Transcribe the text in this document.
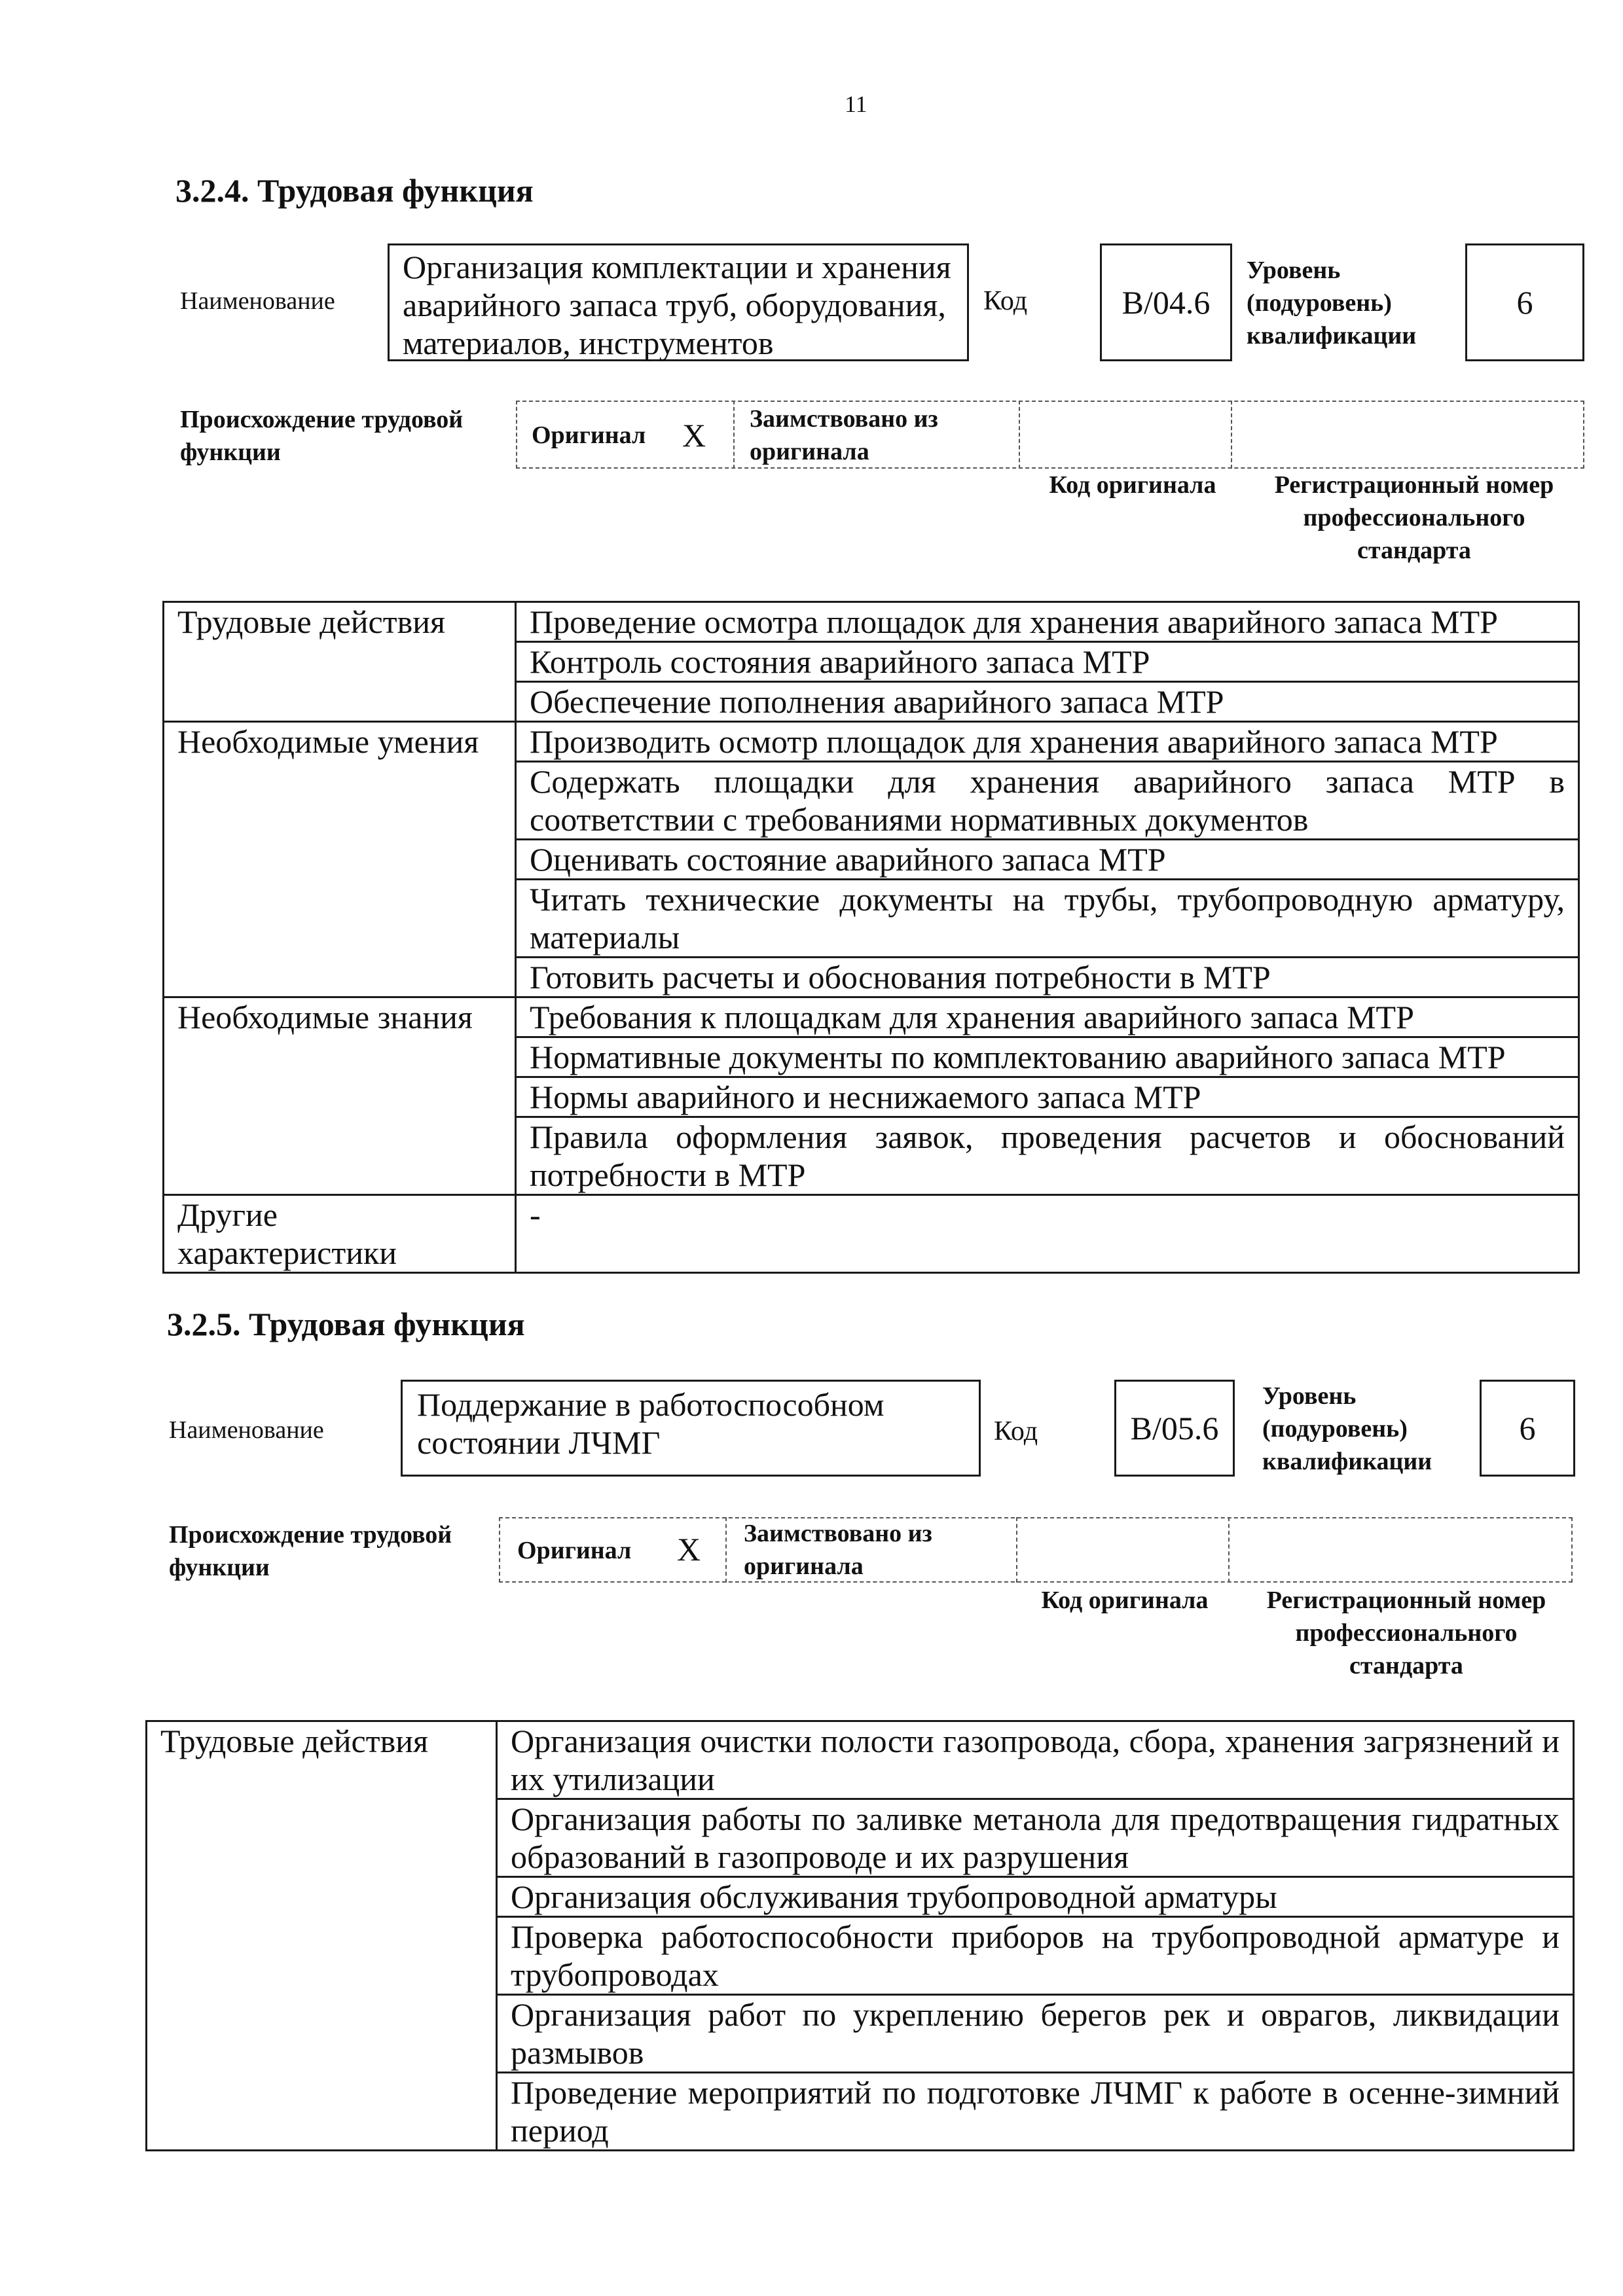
11
3.2.4. Трудовая функция
Наименование
Организация комплектации и хранения аварийного запаса труб, оборудования, материалов, инструментов
Код	B/04.6
Уровень (подуровень) квалификации
6
Происхождение трудовой функции
Оригинал X Заимствовано из оригинала
Код оригинала	Регистрационный номер профессионального стандарта
Трудовые действия	Проведение осмотра площадок для хранения аварийного запаса МТР
	Контроль состояния аварийного запаса МТР
	Обеспечение пополнения аварийного запаса МТР
Необходимые умения	Производить осмотр площадок для хранения аварийного запаса МТР
	Содержать площадки для хранения аварийного запаса МТР в соответствии с требованиями нормативных документов
	Оценивать состояние аварийного запаса МТР
	Читать технические документы на трубы, трубопроводную арматуру, материалы
	Готовить расчеты и обоснования потребности в МТР
Необходимые знания	Требования к площадкам для хранения аварийного запаса МТР
	Нормативные документы по комплектованию аварийного запаса МТР
	Нормы аварийного и неснижаемого запаса МТР
	Правила оформления заявок, проведения расчетов и обоснований потребности в МТР
Другие характеристики	-
3.2.5. Трудовая функция
Наименование
Поддержание в работоспособном состоянии ЛЧМГ	Код	B/05.6
Уровень (подуровень) квалификации
6
Происхождение трудовой функции
Оригинал X Заимствовано из оригинала
Код оригинала	Регистрационный номер профессионального стандарта
Трудовые действия	Организация очистки полости газопровода, сбора, хранения загрязнений и их утилизации
Организация работы по заливке метанола для предотвращения гидратных образований в газопроводе и их разрушения
Организация обслуживания трубопроводной арматуры
Проверка работоспособности приборов на трубопроводной арматуре и трубопроводах
Организация работ по укреплению берегов рек и оврагов, ликвидации размывов
Проведение мероприятий по подготовке ЛЧМГ к работе в осенне-зимний период
